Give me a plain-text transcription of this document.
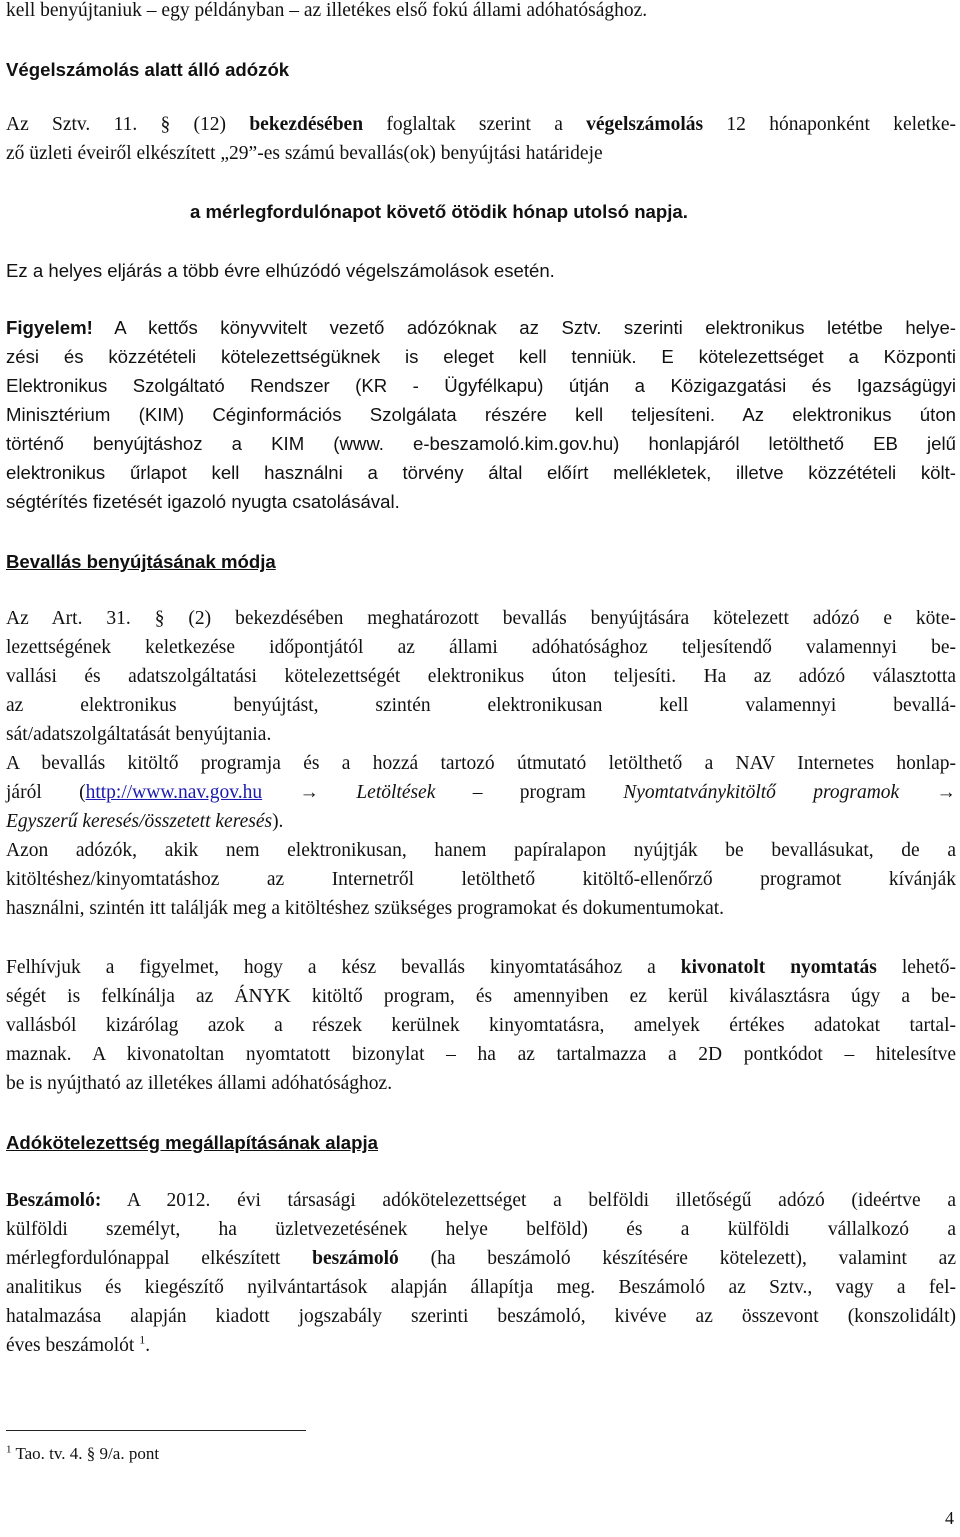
kell benyújtaniuk – egy példányban – az illetékes első fokú állami adóhatósághoz.
Végelszámolás alatt álló adózók
Az Sztv. 11. § (12) bekezdésében foglaltak szerint a végelszámolás 12 hónaponként keletke-
ző üzleti éveiről elkészített „29”-es számú bevallás(ok) benyújtási határideje
a mérlegfordulónapot követő ötödik hónap utolsó napja.
Ez a helyes eljárás a több évre elhúzódó végelszámolások esetén.
Figyelem! A kettős könyvvitelt vezető adózóknak az Sztv. szerinti elektronikus letétbe helye-
zési és közzétételi kötelezettségüknek is eleget kell tenniük. E kötelezettséget a Központi
Elektronikus Szolgáltató Rendszer (KR - Ügyfélkapu) útján a Közigazgatási és Igazságügyi
Minisztérium (KIM) Céginformációs Szolgálata részére kell teljesíteni. Az elektronikus úton
történő benyújtáshoz a KIM (www. e-beszamoló.kim.gov.hu) honlapjáról letölthető EB jelű
elektronikus űrlapot kell használni a törvény által előírt mellékletek, illetve közzétételi költ-
ségtérítés fizetését igazoló nyugta csatolásával.
Bevallás benyújtásának módja
Az Art. 31. § (2) bekezdésében meghatározott bevallás benyújtására kötelezett adózó e köte-
lezettségének keletkezése időpontjától az állami adóhatósághoz teljesítendő valamennyi be-
vallási és adatszolgáltatási kötelezettségét elektronikus úton teljesíti. Ha az adózó választotta
az elektronikus benyújtást, szintén elektronikusan kell valamennyi bevallá-
sát/adatszolgáltatását benyújtania.
A bevallás kitöltő programja és a hozzá tartozó útmutató letölthető a NAV Internetes honlap-
járól (http://www.nav.gov.hu → Letöltések – program Nyomtatványkitöltő programok →
Egyszerű keresés/összetett keresés).
Azon adózók, akik nem elektronikusan, hanem papíralapon nyújtják be bevallásukat, de a
kitöltéshez/kinyomtatáshoz az Internetről letölthető kitöltő-ellenőrző programot kívánják
használni, szintén itt találják meg a kitöltéshez szükséges programokat és dokumentumokat.
Felhívjuk a figyelmet, hogy a kész bevallás kinyomtatásához a kivonatolt nyomtatás lehető-
ségét is felkínálja az ÁNYK kitöltő program, és amennyiben ez kerül kiválasztásra úgy a be-
vallásból kizárólag azok a részek kerülnek kinyomtatásra, amelyek értékes adatokat tartal-
maznak. A kivonatoltan nyomtatott bizonylat – ha az tartalmazza a 2D pontkódot – hitelesítve
be is nyújtható az illetékes állami adóhatósághoz.
Adókötelezettség megállapításának alapja
Beszámoló: A 2012. évi társasági adókötelezettséget a belföldi illetőségű adózó (ideértve a
külföldi személyt, ha üzletvezetésének helye belföld) és a külföldi vállalkozó a
mérlegfordulónappal elkészített beszámoló (ha beszámoló készítésére kötelezett), valamint az
analitikus és kiegészítő nyilvántartások alapján állapítja meg. Beszámoló az Sztv., vagy a fel-
hatalmazása alapján kiadott jogszabály szerinti beszámoló, kivéve az összevont (konszolidált)
éves beszámolót $^1$.
$^1$ Tao. tv. 4. § 9/a. pont
4
